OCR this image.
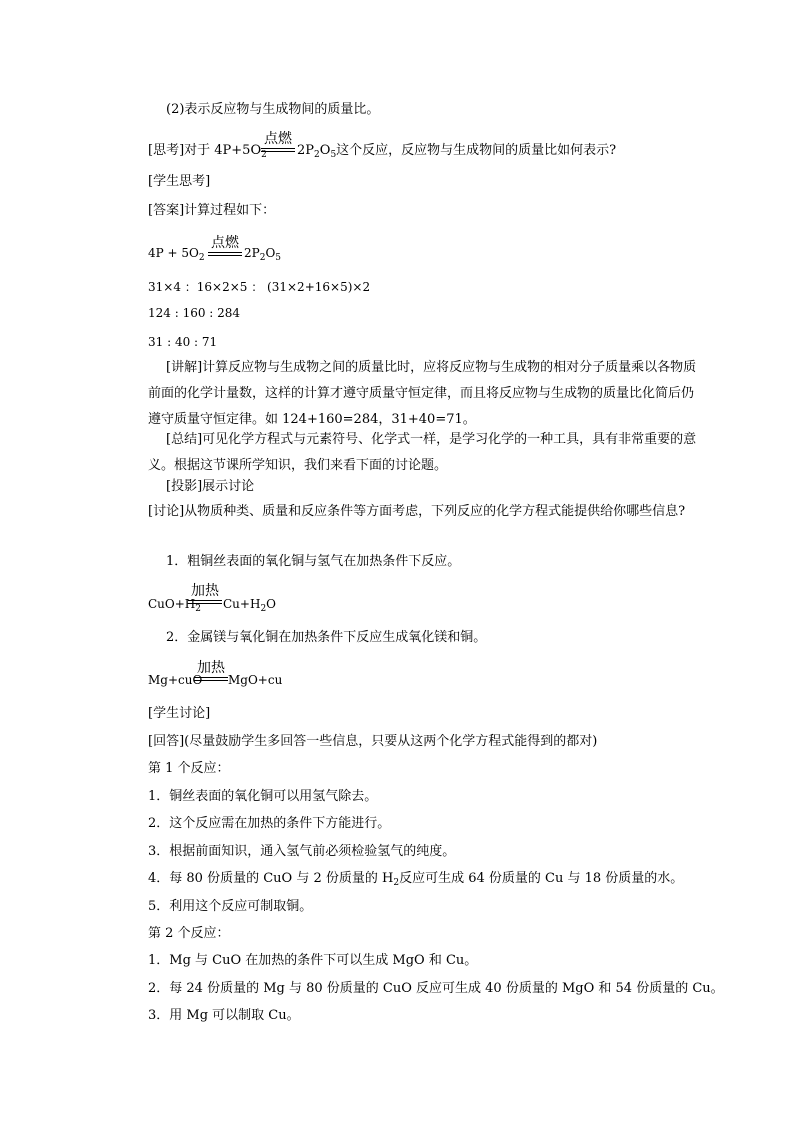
(2)表示反应物与生成物间的质量比。
[思考]对于 $4P+5O_2$
点燃
$2P_2O_5$这个反应，反应物与生成物间的质量比如何表示?
[学生思考]
[答案]计算过程如下：
$4P + 5O_2$
点燃
$2P_2O_5$
31×4 ：16×2×5 ： (31×2+16×5)×2
124 : 160 : 284
31 : 40 : 71
[讲解]计算反应物与生成物之间的质量比时，应将反应物与生成物的相对分子质量乘以各物质前面的化学计量数，这样的计算才遵守质量守恒定律，而且将反应物与生成物的质量比化简后仍遵守质量守恒定律。如 124+160=284，31+40=71。
[总结]可见化学方程式与元素符号、化学式一样，是学习化学的一种工具，具有非常重要的意义。根据这节课所学知识，我们来看下面的讨论题。
[投影]展示讨论
[讨论]从物质种类、质量和反应条件等方面考虑，下列反应的化学方程式能提供给你哪些信息?
1．粗铜丝表面的氧化铜与氢气在加热条件下反应。
$CuO+H_2$
加热
$Cu+H_2O$
2．金属镁与氧化铜在加热条件下反应生成氧化镁和铜。
Mg+cuO
加热
MgO+cu
[学生讨论]
[回答](尽量鼓励学生多回答一些信息，只要从这两个化学方程式能得到的都对)
第 1 个反应：
1．铜丝表面的氧化铜可以用氢气除去。
2．这个反应需在加热的条件下方能进行。
3．根据前面知识，通入氢气前必须检验氢气的纯度。
4．每 80 份质量的 CuO 与 2 份质量的 $H_2$反应可生成 64 份质量的 Cu 与 18 份质量的水。
5．利用这个反应可制取铜。
第 2 个反应：
1．Mg 与 CuO 在加热的条件下可以生成 MgO 和 Cu。
2．每 24 份质量的 Mg 与 80 份质量的 CuO 反应可生成 40 份质量的 MgO 和 54 份质量的 Cu。
3．用 Mg 可以制取 Cu。
